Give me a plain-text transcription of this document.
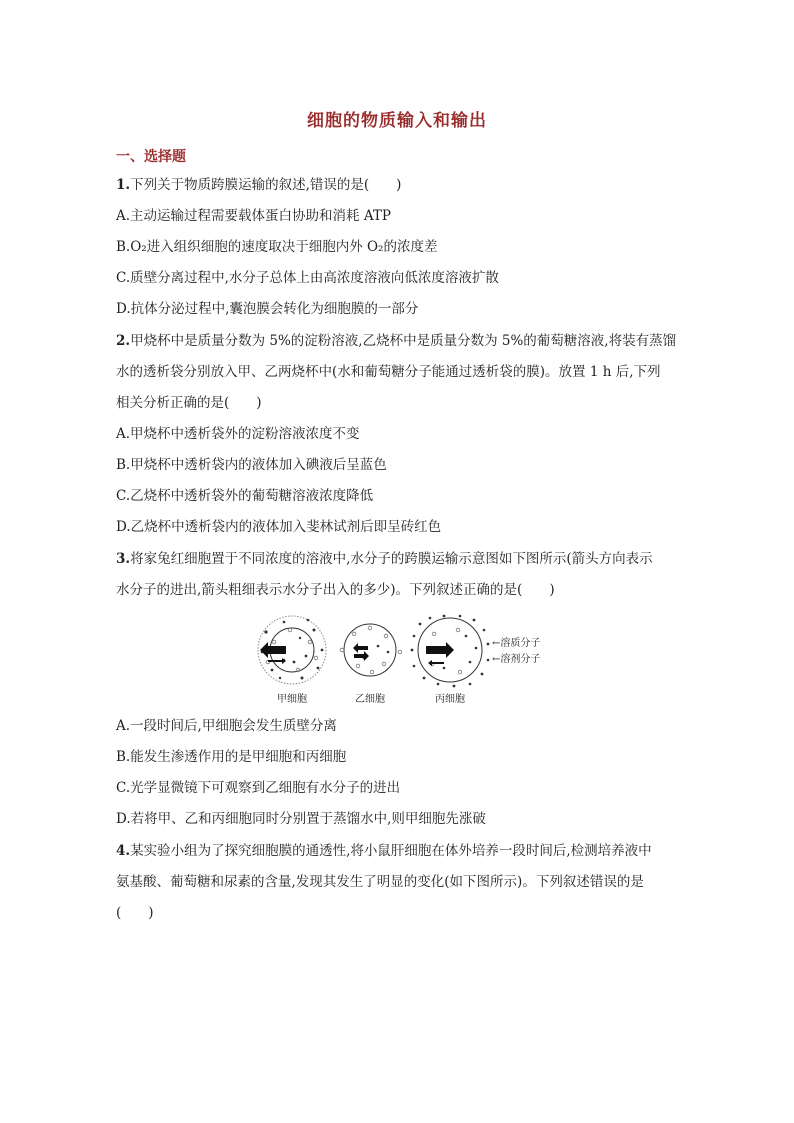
细胞的物质输入和输出
一、选择题
1.下列关于物质跨膜运输的叙述,错误的是(　　)
A.主动运输过程需要载体蛋白协助和消耗 ATP
B.O₂进入组织细胞的速度取决于细胞内外 O₂的浓度差
C.质壁分离过程中,水分子总体上由高浓度溶液向低浓度溶液扩散
D.抗体分泌过程中,囊泡膜会转化为细胞膜的一部分
2.甲烧杯中是质量分数为 5%的淀粉溶液,乙烧杯中是质量分数为 5%的葡萄糖溶液,将装有蒸馏
水的透析袋分别放入甲、乙两烧杯中(水和葡萄糖分子能通过透析袋的膜)。放置 1 h 后,下列
相关分析正确的是(　　)
A.甲烧杯中透析袋外的淀粉溶液浓度不变
B.甲烧杯中透析袋内的液体加入碘液后呈蓝色
C.乙烧杯中透析袋外的葡萄糖溶液浓度降低
D.乙烧杯中透析袋内的液体加入斐林试剂后即呈砖红色
3.将家兔红细胞置于不同浓度的溶液中,水分子的跨膜运输示意图如下图所示(箭头方向表示
水分子的进出,箭头粗细表示水分子出入的多少)。下列叙述正确的是(　　)
甲细胞	乙细胞	丙细胞
←溶质分子
←溶剂分子
A.一段时间后,甲细胞会发生质壁分离
B.能发生渗透作用的是甲细胞和丙细胞
C.光学显微镜下可观察到乙细胞有水分子的进出
D.若将甲、乙和丙细胞同时分别置于蒸馏水中,则甲细胞先涨破
4.某实验小组为了探究细胞膜的通透性,将小鼠肝细胞在体外培养一段时间后,检测培养液中
氨基酸、葡萄糖和尿素的含量,发现其发生了明显的变化(如下图所示)。下列叙述错误的是
(　　)
